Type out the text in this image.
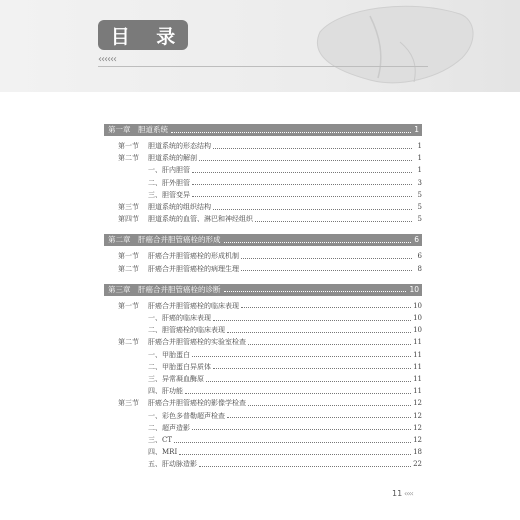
目 录
‹‹‹‹‹‹
第一章　胆道系统	1
第一节	胆道系统的形态结构	1
第二节	胆道系统的解剖	1
一、肝内胆管	1
二、肝外胆管	3
三、胆管变异	5
第三节	胆道系统的组织结构	5
第四节	胆道系统的血管、淋巴和神经组织	5
第二章　肝癌合并胆管癌栓的形成	6
第一节	肝癌合并胆管癌栓的形成机制	6
第二节	肝癌合并胆管癌栓的病理生理	8
第三章　肝癌合并胆管癌栓的诊断	10
第一节	肝癌合并胆管癌栓的临床表现	10
一、肝癌的临床表现	10
二、胆管癌栓的临床表现	10
第二节	肝癌合并胆管癌栓的实验室检查	11
一、甲胎蛋白	11
二、甲胎蛋白异质体	11
三、异常凝血酶原	11
四、肝功能	11
第三节	肝癌合并胆管癌栓的影像学检查	12
一、彩色多普勒超声检查	12
二、超声造影	12
三、CT	12
四、MRI	18
五、肝动脉造影	22
11 ‹‹‹‹
